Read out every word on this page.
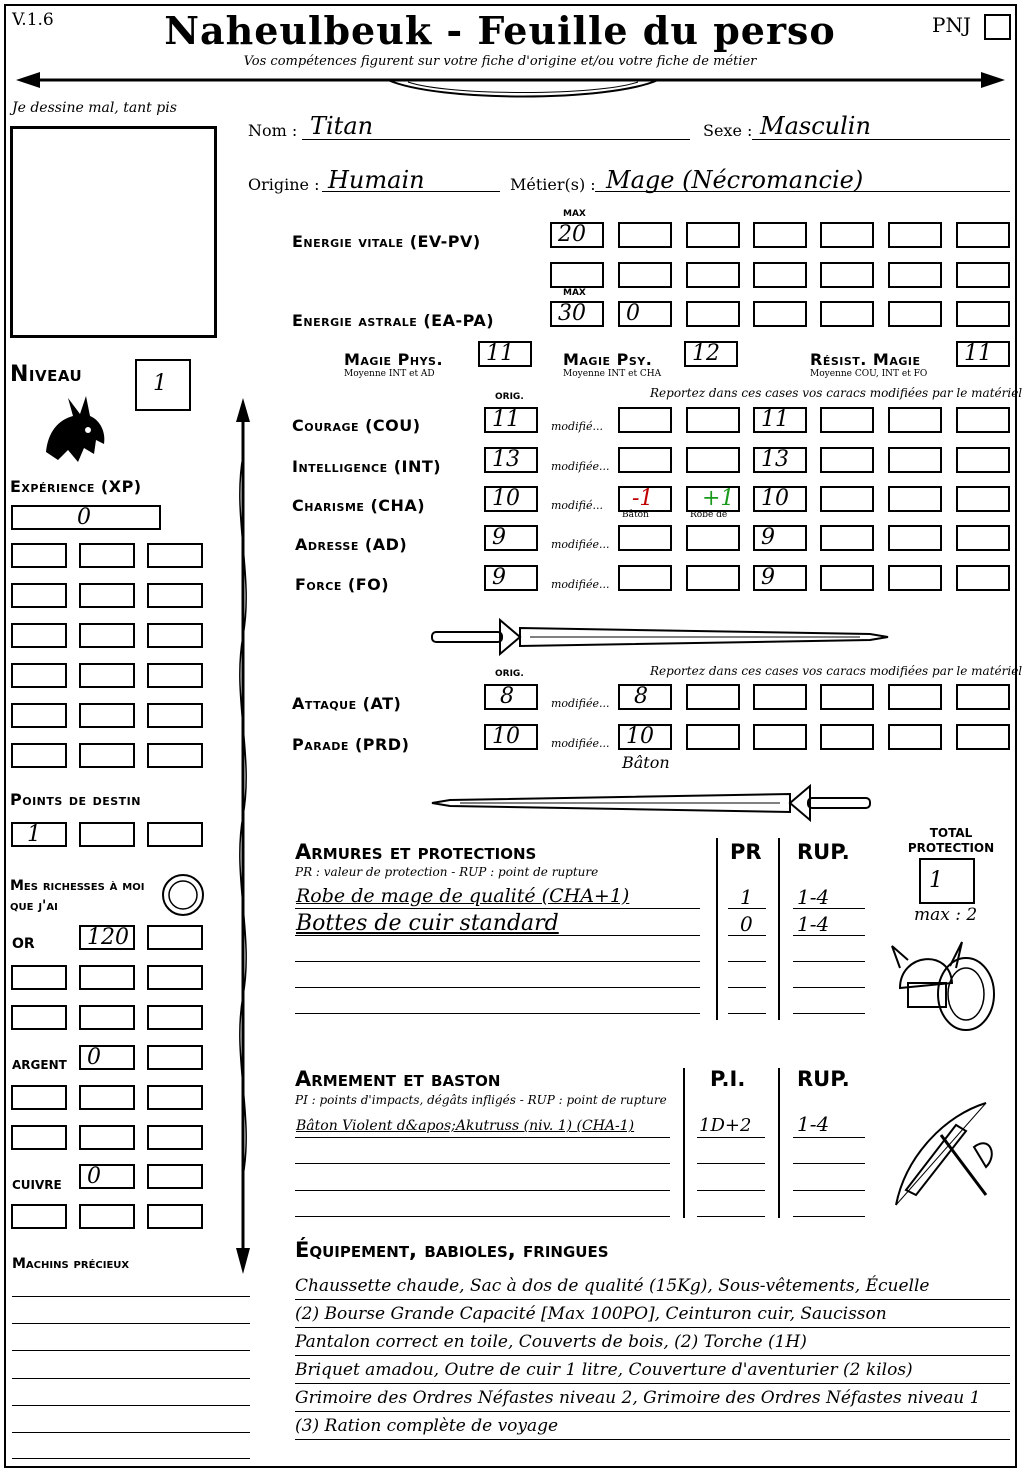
V.1.6	Naheulbeuk - Feuille du perso
Vos compétences figurent sur votre fiche d'origine et/ou votre fiche de métier
PNJ
Je dessine mal, tant pis
Nom : Titan	Sexe : Masculin
Origine : Humain	Métier(s) : Mage (Nécromancie)
MAX
Energie vitale (EV-PV)	20
MAX
Energie astrale (EA-PA)	30	0
Magie Phys.
Moyenne INT et AD
11	Magie Psy.
Moyenne INT et CHA
12	Résist. Magie
Moyenne COU, INT et FO
11
Niveau	1
Expérience (XP)
0
Points de destin
1
Mes richesses à moi que j'ai
OR 120
ARGENT 0
CUIVRE 0
Machins précieux
ORIG.	Reportez dans ces cases vos caracs modifiées par le matériel
Courage (COU)	11	modifié...	11
Intelligence (INT) 13	modifiée...	13
Charisme (CHA)	10	modifié...	-1	+1 10
Bâton	Robe de
Adresse (AD)	9	modifiée...	9
Force (FO)	9	modifiée...	9
ORIG.	Reportez dans ces cases vos caracs modifiées par le matériel
Attaque (AT)	8	modifiée...	8
Parade (PRD)	10	modifiée... 10
Bâton
Armures et protections
PR : valeur de protection - RUP : point de rupture
PR RUP.
Robe de mage de qualité (CHA+1)	1 1-4
Bottes de cuir standard	0 1-4
TOTAL PROTECTION
1
max : 2
Armement et baston
PI : points d'impacts, dégâts infligés - RUP : point de rupture
P.I. RUP.
Bâton Violent d&apos;Akutruss (niv. 1) (CHA-1)	1D+2 1-4
Équipement, babioles, fringues
Chaussette chaude, Sac à dos de qualité (15Kg), Sous-vêtements, Écuelle
(2) Bourse Grande Capacité [Max 100PO], Ceinturon cuir, Saucisson
Pantalon correct en toile, Couverts de bois, (2) Torche (1H)
Briquet amadou, Outre de cuir 1 litre, Couverture d'aventurier (2 kilos)
Grimoire des Ordres Néfastes niveau 2, Grimoire des Ordres Néfastes niveau 1
(3) Ration complète de voyage
